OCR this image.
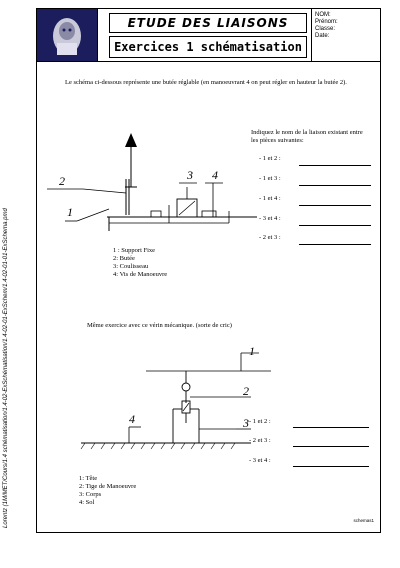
Lorentz (1M/MET/Cours/1.4 schématisation/1.4-02-ExSchématisation/1.4-02-01-ExSchem/1.4-02-01-01-ExSchema.pmd
ETUDE DES LIAISONS
Exercices 1 schématisation
NOM:
Prénom:
Classe:
Date:
Le schéma ci-dessous représente une butée réglable (en manoeuvrant 4 on peut régler en hauteur la butée 2).
2
1
3 4
Indiquez le nom de la liaison existant entre les pièces suivantes:
- 1 et 2 :
- 1 et 3 :
- 1 et 4 :
- 3 et 4 :
- 2 et 3 :
1 : Support Fixe
2: Butée
3: Coulisseau
4: Vis de Manoeuvre
Même exercice avec ce vérin mécanique. (sorte de cric)
1
2
3
4	- 1 et 2 :
- 2 et 3 :
- 3 et 4 :
1: Tête
2: Tige de Manoeuvre
3: Corps
4: Sol
schemas1
